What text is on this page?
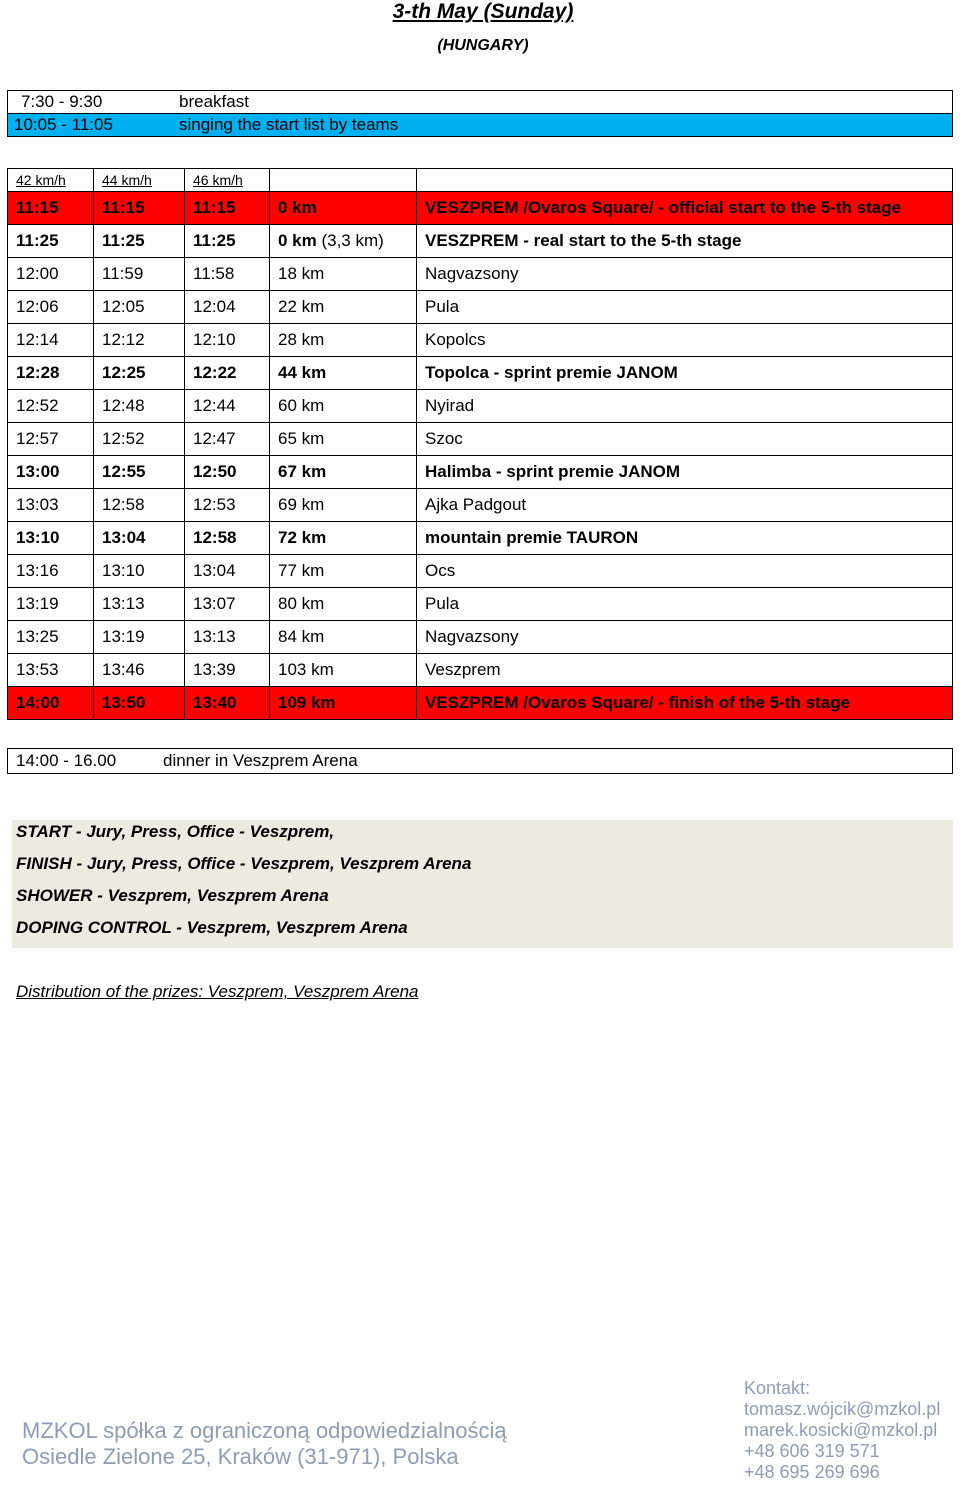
3-th May (Sunday)
(HUNGARY)
7:30 - 9:30	breakfast
10:05 - 11:05	singing the start list by teams
42 km/h	44 km/h	46 km/h		
11:15	11:15	11:15	0 km	VESZPREM /Ovaros Square/ - official start to the 5-th stage
11:25	11:25	11:25	0 km (3,3 km)	VESZPREM - real start to the 5-th stage
12:00	11:59	11:58	18 km	Nagvazsony
12:06	12:05	12:04	22 km	Pula
12:14	12:12	12:10	28 km	Kopolcs
12:28	12:25	12:22	44 km	Topolca - sprint premie JANOM
12:52	12:48	12:44	60 km	Nyirad
12:57	12:52	12:47	65 km	Szoc
13:00	12:55	12:50	67 km	Halimba - sprint premie JANOM
13:03	12:58	12:53	69 km	Ajka Padgout
13:10	13:04	12:58	72 km	mountain premie TAURON
13:16	13:10	13:04	77 km	Ocs
13:19	13:13	13:07	80 km	Pula
13:25	13:19	13:13	84 km	Nagvazsony
13:53	13:46	13:39	103 km	Veszprem
14:00	13:50	13:40	109 km	VESZPREM /Ovaros Square/ - finish of the 5-th stage
14:00 - 16.00	dinner in Veszprem Arena
START - Jury, Press, Office - Veszprem,
FINISH - Jury, Press, Office - Veszprem, Veszprem Arena
SHOWER - Veszprem, Veszprem Arena
DOPING CONTROL - Veszprem, Veszprem Arena
Distribution of the prizes: Veszprem, Veszprem Arena
MZKOL spółka z ograniczoną odpowiedzialnością
Osiedle Zielone 25, Kraków (31-971), Polska
Kontakt:
tomasz.wójcik@mzkol.pl
marek.kosicki@mzkol.pl
+48 606 319 571
+48 695 269 696
